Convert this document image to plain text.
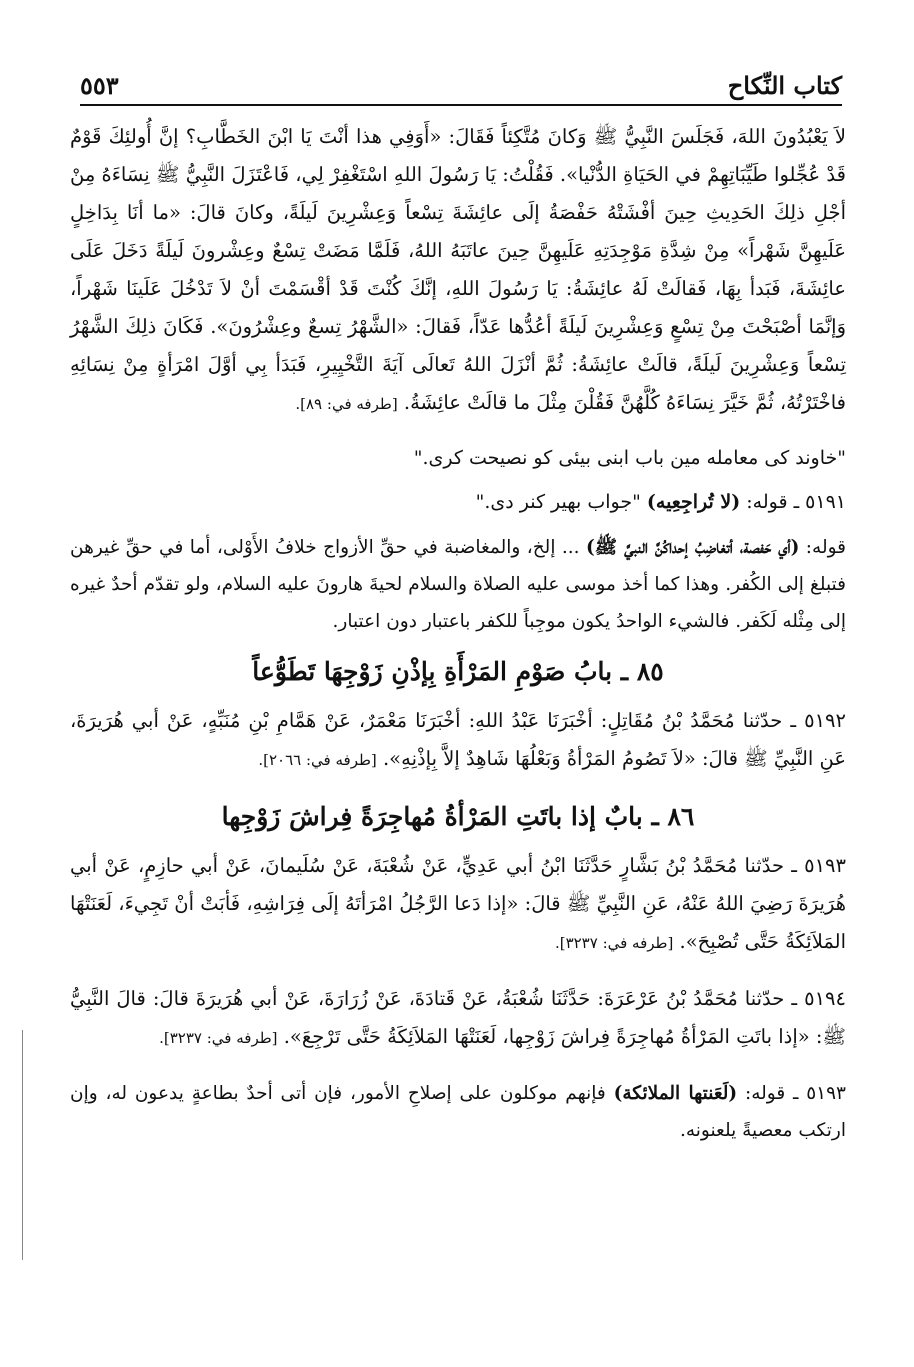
كتاب النِّكاح
٥٥٣

لاَ يَعْبُدُونَ اللهَ، فَجَلَسَ النَّبِيُّ ﷺ وَكانَ مُتَّكِئاً فَقَالَ: «أَوَفِي هذا أنْتَ يَا ابْنَ الخَطَّابِ؟ إنَّ أُولئِكَ قَوْمٌ قَدْ عُجِّلوا طَيِّبَاتِهِمْ في الحَيَاةِ الدُّنْيا». فَقُلْتُ: يَا رَسُولَ اللهِ اسْتَغْفِرْ لِي، فَاعْتَزَلَ النَّبِيُّ ﷺ نِسَاءَهُ مِنْ أجْلِ ذلِكَ الحَدِيثِ حِينَ أفْشَتْهُ حَفْصَةُ إلَى عائِشَةَ تِسْعاً وَعِشْرِينَ لَيلَةً، وكانَ قالَ: «ما أنَا بِدَاخِلٍ عَلَيهِنَّ شَهْراً» مِنْ شِدَّةِ مَوْجِدَتِهِ عَلَيهِنَّ حِينَ عاتَبَهُ اللهُ، فَلَمَّا مَضَتْ تِسْعٌ وعِشْرونَ لَيلَةً دَخَلَ عَلَى عائِشَةَ، فَبَدأ بِهَا، فَقالَتْ لَهُ عائِشَةُ: يَا رَسُولَ اللهِ، إنَّكَ كُنْتَ قَدْ أقْسَمْتَ أنْ لاَ تَدْخُلَ عَلَينَا شَهْراً، وَإنَّمَا أصْبَحْتَ مِنْ تِسْعٍ وَعِشْرِينَ لَيلَةً أعُدُّها عَدّاً، فَقالَ: «الشَّهْرُ تِسعٌ وعِشْرُونَ». فَكَانَ ذلِكَ الشَّهْرُ تِسْعاً وَعِشْرِينَ لَيلَةً، قالَتْ عائِشَةُ: ثُمَّ أنْزَلَ اللهُ تَعالَى آيَةَ التَّخْيِيرِ، فَبَدَأ بِي أوَّلَ امْرَأةٍ مِنْ نِسَائِهِ فاخْتَرْتُهُ، ثُمَّ خَيَّرَ نِسَاءَهُ كُلَّهُنَّ فَقُلْنَ مِثْلَ ما قالَتْ عائِشَةُ. [طرفه في: ٨٩].

"خاوند كى معامله مين باب ابنى بيئى كو نصيحت كرى."

٥١٩١ ـ قوله: (لا تُراجِعِيه) "جواب بهير كنر دى."

قوله: (أي حَفصة، أتغاضِبُ إحداكُنَّ النبيَّ ﷺ) ... إلخ، والمغاضبة في حقِّ الأزواج خلافُ الأَوْلى، أما في حقِّ غيرهن فتبلغ إلى الكُفر. وهذا كما أخذ موسى عليه الصلاة والسلام لحيةَ هارونَ عليه السلام، ولو تقدّم أحدٌ غيره إلى مِثْله لَكَفر. فالشيء الواحدُ يكون موجِباً للكفر باعتبار دون اعتبار.

٨٥ ـ بابُ صَوْمِ المَرْأَةِ بِإذْنِ زَوْجِهَا تَطَوُّعاً

٥١٩٢ ـ حدّثنا مُحَمَّدُ بْنُ مُقَاتِلٍ: أخْبَرَنَا عَبْدُ اللهِ: أخْبَرَنَا مَعْمَرٌ، عَنْ هَمَّامِ بْنِ مُنَبِّهٍ، عَنْ أبي هُرَيرَةَ، عَنِ النَّبِيِّ ﷺ قالَ: «لاَ تَصُومُ المَرْأةُ وَبَعْلُهَا شَاهِدٌ إلاَّ بِإذْنِهِ». [طرفه في: ٢٠٦٦].

٨٦ ـ بابٌ إذا باتَتِ المَرْأةُ مُهاجِرَةً فِراشَ زَوْجِها

٥١٩٣ ـ حدّثنا مُحَمَّدُ بْنُ بَشَّارٍ حَدَّثَنَا ابْنُ أبي عَدِيٍّ، عَنْ شُعْبَةَ، عَنْ سُلَيمانَ، عَنْ أبي حازِمٍ، عَنْ أبي هُرَيرَةَ رَضِيَ اللهُ عَنْهُ، عَنِ النَّبِيِّ ﷺ قالَ: «إذا دَعا الرَّجُلُ امْرَأتَهُ إلَى فِرَاشِهِ، فَأبَتْ أنْ تَجِيءَ، لَعَنَتْهَا المَلاَئِكَةُ حَتَّى تُصْبِحَ». [طرفه في: ٣٢٣٧].

٥١٩٤ ـ حدّثنا مُحَمَّدُ بْنُ عَرْعَرَةَ: حَدَّثَنَا شُعْبَةُ، عَنْ قَتادَةَ، عَنْ زُرَارَةَ، عَنْ أبي هُرَيرَةَ قالَ: قالَ النَّبِيُّ ﷺ: «إذا باتَتِ المَرْأةُ مُهاجِرَةً فِراشَ زَوْجِها، لَعَنَتْهَا المَلاَئِكَةُ حَتَّى تَرْجِعَ». [طرفه في: ٣٢٣٧].

٥١٩٣ ـ قوله: (لَعَنتها الملائكة) فإنهم موكلون على إصلاحِ الأمور، فإن أتى أحدٌ بطاعةٍ يدعون له، وإن ارتكب معصيةً يلعنونه.
